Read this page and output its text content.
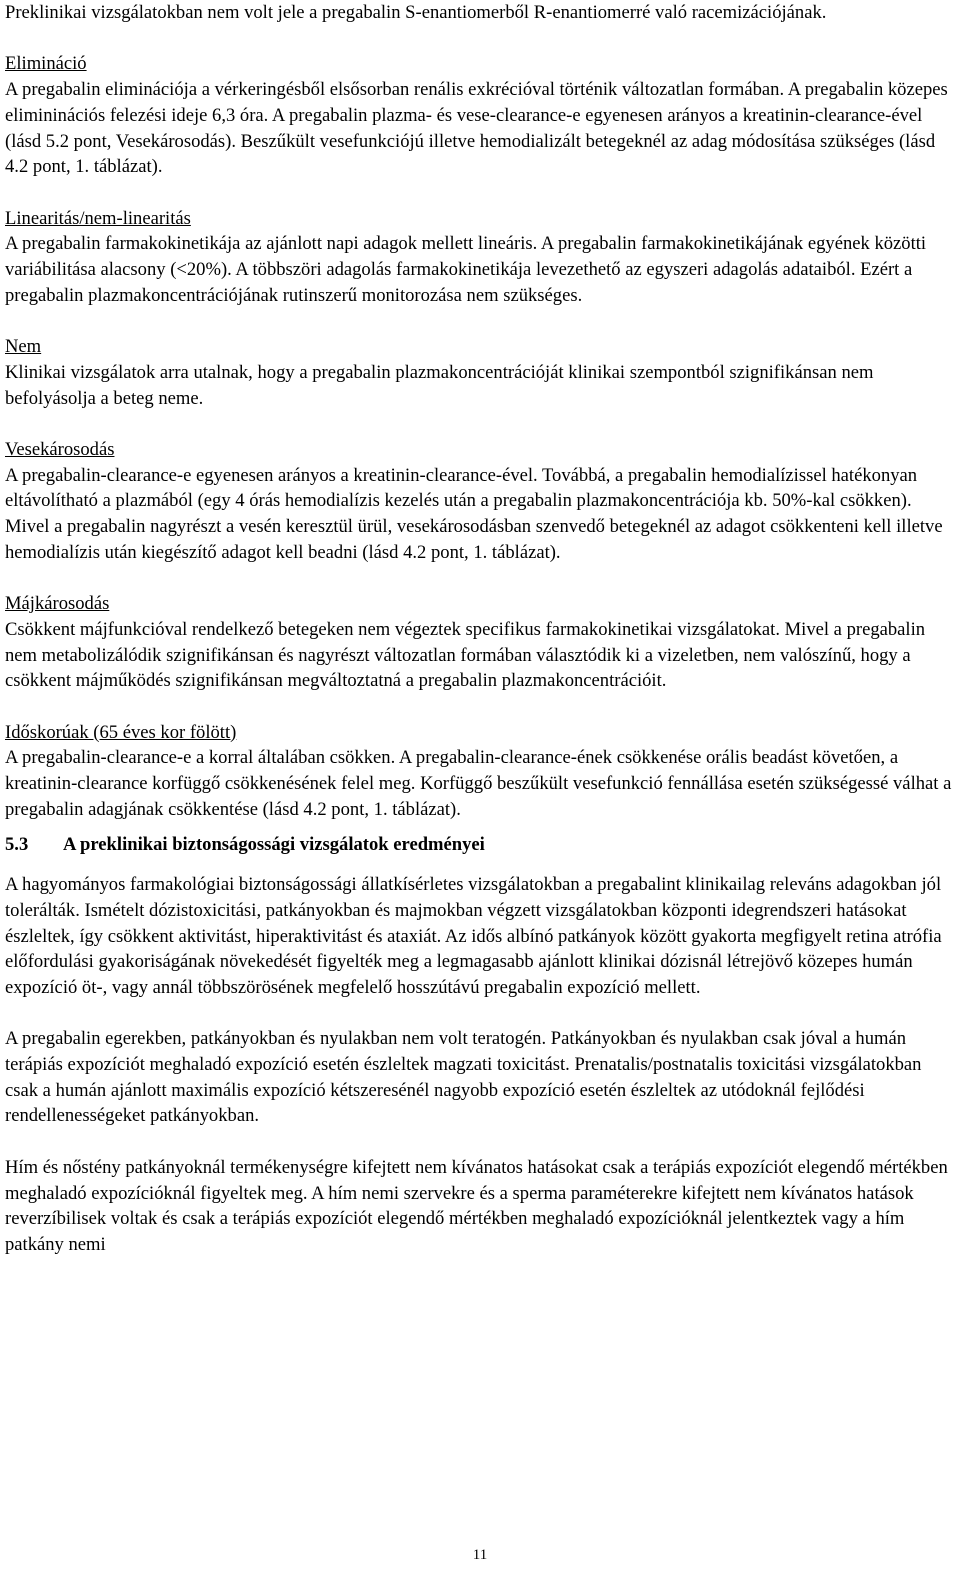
Preklinikai vizsgálatokban nem volt jele a pregabalin S-enantiomerből R-enantiomerré való racemizációjának.

Elimináció

A pregabalin eliminációja a vérkeringésből elsősorban renális exkrécióval történik változatlan formában. A pregabalin közepes elimininációs felezési ideje 6,3 óra. A pregabalin plazma- és vese-clearance-e egyenesen arányos a kreatinin-clearance-ével (lásd 5.2 pont, Vesekárosodás). Beszűkült vesefunkciójú illetve hemodializált betegeknél az adag módosítása szükséges (lásd 4.2 pont, 1. táblázat).

Linearitás/nem-linearitás

A pregabalin farmakokinetikája az ajánlott napi adagok mellett lineáris. A pregabalin farmakokinetikájának egyének közötti variábilitása alacsony (<20%). A többszöri adagolás farmakokinetikája levezethető az egyszeri adagolás adataiból. Ezért a pregabalin plazmakoncentrációjának rutinszerű monitorozása nem szükséges.

Nem

Klinikai vizsgálatok arra utalnak, hogy a pregabalin plazmakoncentrációját klinikai szempontból szignifikánsan nem befolyásolja a beteg neme.

Vesekárosodás

A pregabalin-clearance-e egyenesen arányos a kreatinin-clearance-ével. Továbbá, a pregabalin hemodialízissel hatékonyan eltávolítható a plazmából (egy 4 órás hemodialízis kezelés után a pregabalin plazmakoncentrációja kb. 50%-kal csökken). Mivel a pregabalin nagyrészt a vesén keresztül ürül, vesekárosodásban szenvedő betegeknél az adagot csökkenteni kell illetve hemodialízis után kiegészítő adagot kell beadni (lásd 4.2 pont, 1. táblázat).

Májkárosodás

Csökkent májfunkcióval rendelkező betegeken nem végeztek specifikus farmakokinetikai vizsgálatokat. Mivel a pregabalin nem metabolizálódik szignifikánsan és nagyrészt változatlan formában választódik ki a vizeletben, nem valószínű, hogy a csökkent májműködés szignifikánsan megváltoztatná a pregabalin plazmakoncentrációit.

Időskorúak (65 éves kor fölött)

A pregabalin-clearance-e a korral általában csökken. A pregabalin-clearance-ének csökkenése orális beadást követően, a kreatinin-clearance korfüggő csökkenésének felel meg. Korfüggő beszűkült vesefunkció fennállása esetén szükségessé válhat a pregabalin adagjának csökkentése (lásd 4.2 pont, 1. táblázat).

5.3	A preklinikai biztonságossági vizsgálatok eredményei

A hagyományos farmakológiai biztonságossági állatkísérletes vizsgálatokban a pregabalint klinikailag releváns adagokban jól tolerálták. Ismételt dózistoxicitási, patkányokban és majmokban végzett vizsgálatokban központi idegrendszeri hatásokat észleltek, így csökkent aktivitást, hiperaktivitást és ataxiát. Az idős albínó patkányok között gyakorta megfigyelt retina atrófia előfordulási gyakoriságának növekedését figyelték meg a legmagasabb ajánlott klinikai dózisnál létrejövő közepes humán expozíció öt-, vagy annál többszörösének megfelelő hosszútávú pregabalin expozíció mellett.

A pregabalin egerekben, patkányokban és nyulakban nem volt teratogén. Patkányokban és nyulakban csak jóval a humán terápiás expozíciót meghaladó expozíció esetén észleltek magzati toxicitást. Prenatalis/postnatalis toxicitási vizsgálatokban csak a humán ajánlott maximális expozíció kétszeresénél nagyobb expozíció esetén észleltek az utódoknál fejlődési rendellenességeket patkányokban.

Hím és nőstény patkányoknál termékenységre kifejtett nem kívánatos hatásokat csak a terápiás expozíciót elegendő mértékben meghaladó expozícióknál figyeltek meg. A hím nemi szervekre és a sperma paraméterekre kifejtett nem kívánatos hatások reverzíbilisek voltak és csak a terápiás expozíciót elegendő mértékben meghaladó expozícióknál jelentkeztek vagy a hím patkány nemi

11
